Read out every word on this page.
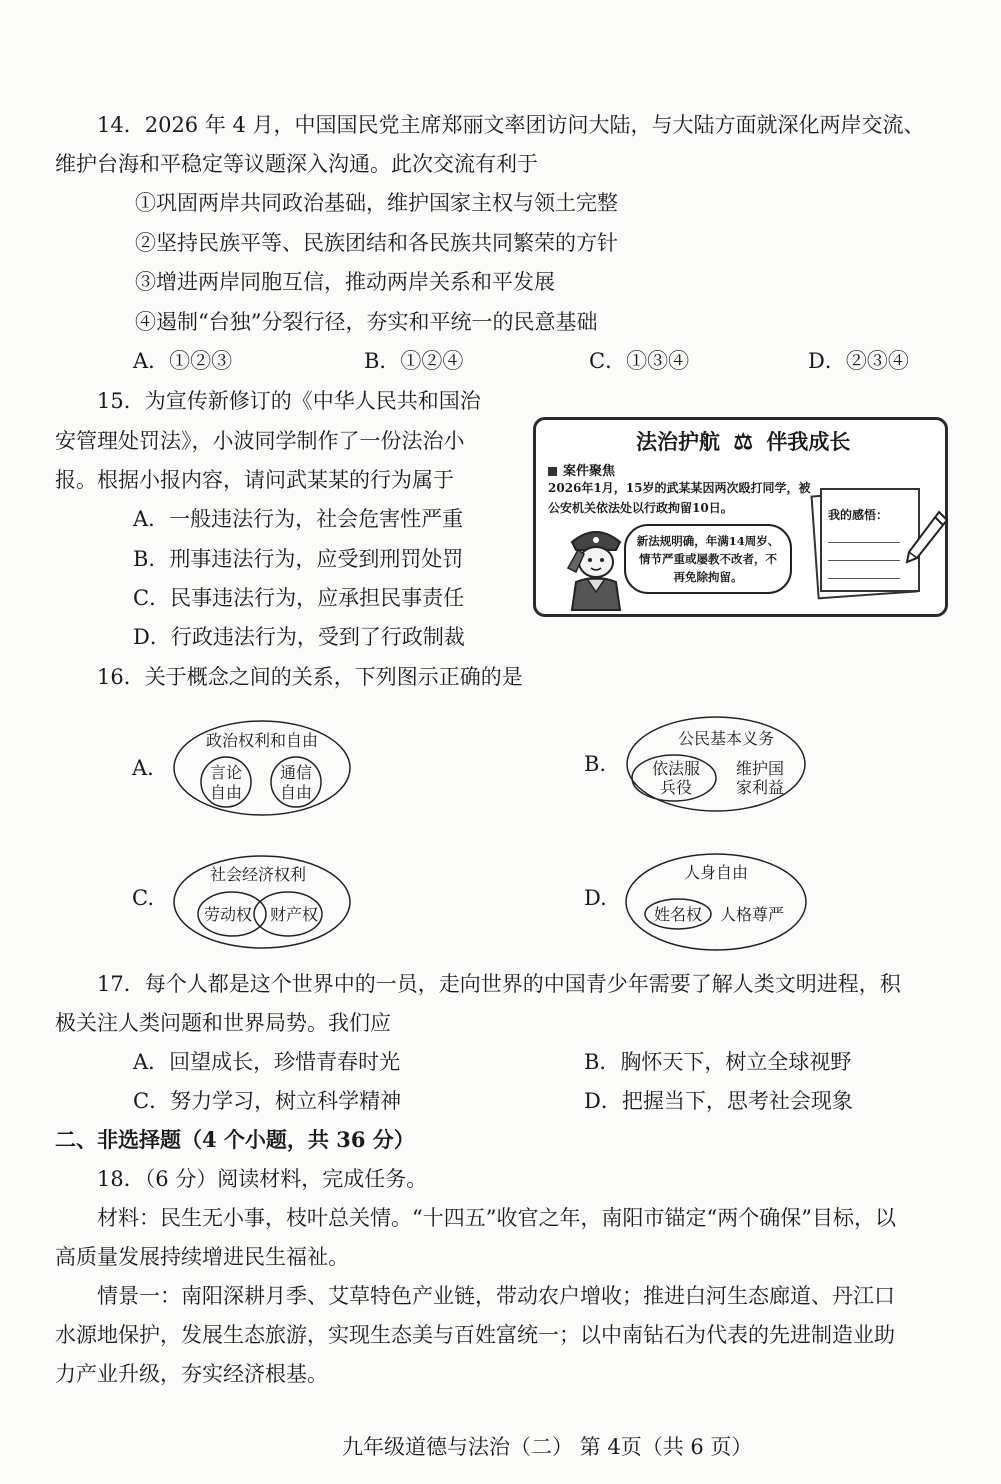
14．2026 年 4 月，中国国民党主席郑丽文率团访问大陆，与大陆方面就深化两岸交流、
维护台海和平稳定等议题深入沟通。此次交流有利于
①巩固两岸共同政治基础，维护国家主权与领土完整
②坚持民族平等、民族团结和各民族共同繁荣的方针
③增进两岸同胞互信，推动两岸关系和平发展
④遏制“台独”分裂行径，夯实和平统一的民意基础
A．①②③	B．①②④	C．①③④	D．②③④
15．为宣传新修订的《中华人民共和国治
安管理处罚法》，小波同学制作了一份法治小
报。根据小报内容，请问武某某的行为属于
A．一般违法行为，社会危害性严重
B．刑事违法行为，应受到刑罚处罚
C．民事违法行为，应承担民事责任
D．行政违法行为，受到了行政制裁
法治护航 ⚖ 伴我成长
案件聚焦
2026年1月，15岁的武某某因两次殴打同学，被公安机关依法处以行政拘留10日。
新法规明确，年满14周岁、情节严重或屡教不改者，不再免除拘留。
我的感悟：
16．关于概念之间的关系，下列图示正确的是
A.
政治权利和自由
言论
自由
通信
自由
B.
公民基本义务
依法服
兵役
维护国
家利益
C.
社会经济权利
劳动权 财产权
D.
人身自由
姓名权 人格尊严
17．每个人都是这个世界中的一员，走向世界的中国青少年需要了解人类文明进程，积
极关注人类问题和世界局势。我们应
A．回望成长，珍惜青春时光	B．胸怀天下，树立全球视野
C．努力学习，树立科学精神	D．把握当下，思考社会现象
二、非选择题（4 个小题，共 36 分）
18．（6 分）阅读材料，完成任务。
材料：民生无小事，枝叶总关情。“十四五”收官之年，南阳市锚定“两个确保”目标，以
高质量发展持续增进民生福祉。
情景一：南阳深耕月季、艾草特色产业链，带动农户增收；推进白河生态廊道、丹江口
水源地保护，发展生态旅游，实现生态美与百姓富统一；以中南钻石为代表的先进制造业助
力产业升级，夯实经济根基。
九年级道德与法治（二） 第 4页（共 6 页）
